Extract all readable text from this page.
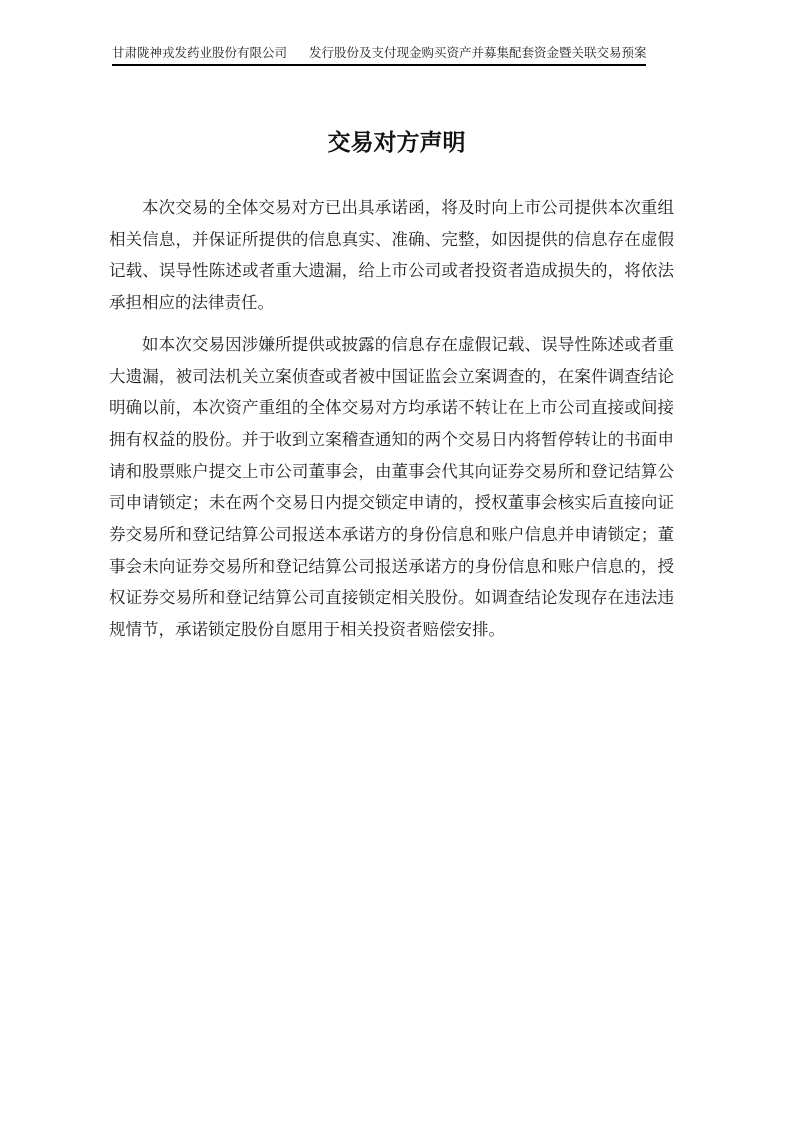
甘肃陇神戎发药业股份有限公司 发行股份及支付现金购买资产并募集配套资金暨关联交易预案
交易对方声明

本次交易的全体交易对方已出具承诺函，将及时向上市公司提供本次重组相关信息，并保证所提供的信息真实、准确、完整，如因提供的信息存在虚假记载、误导性陈述或者重大遗漏，给上市公司或者投资者造成损失的，将依法承担相应的法律责任。

如本次交易因涉嫌所提供或披露的信息存在虚假记载、误导性陈述或者重大遗漏，被司法机关立案侦查或者被中国证监会立案调查的，在案件调查结论明确以前，本次资产重组的全体交易对方均承诺不转让在上市公司直接或间接拥有权益的股份。并于收到立案稽查通知的两个交易日内将暂停转让的书面申请和股票账户提交上市公司董事会，由董事会代其向证券交易所和登记结算公司申请锁定；未在两个交易日内提交锁定申请的，授权董事会核实后直接向证券交易所和登记结算公司报送本承诺方的身份信息和账户信息并申请锁定；董事会未向证券交易所和登记结算公司报送承诺方的身份信息和账户信息的，授权证券交易所和登记结算公司直接锁定相关股份。如调查结论发现存在违法违规情节，承诺锁定股份自愿用于相关投资者赔偿安排。
